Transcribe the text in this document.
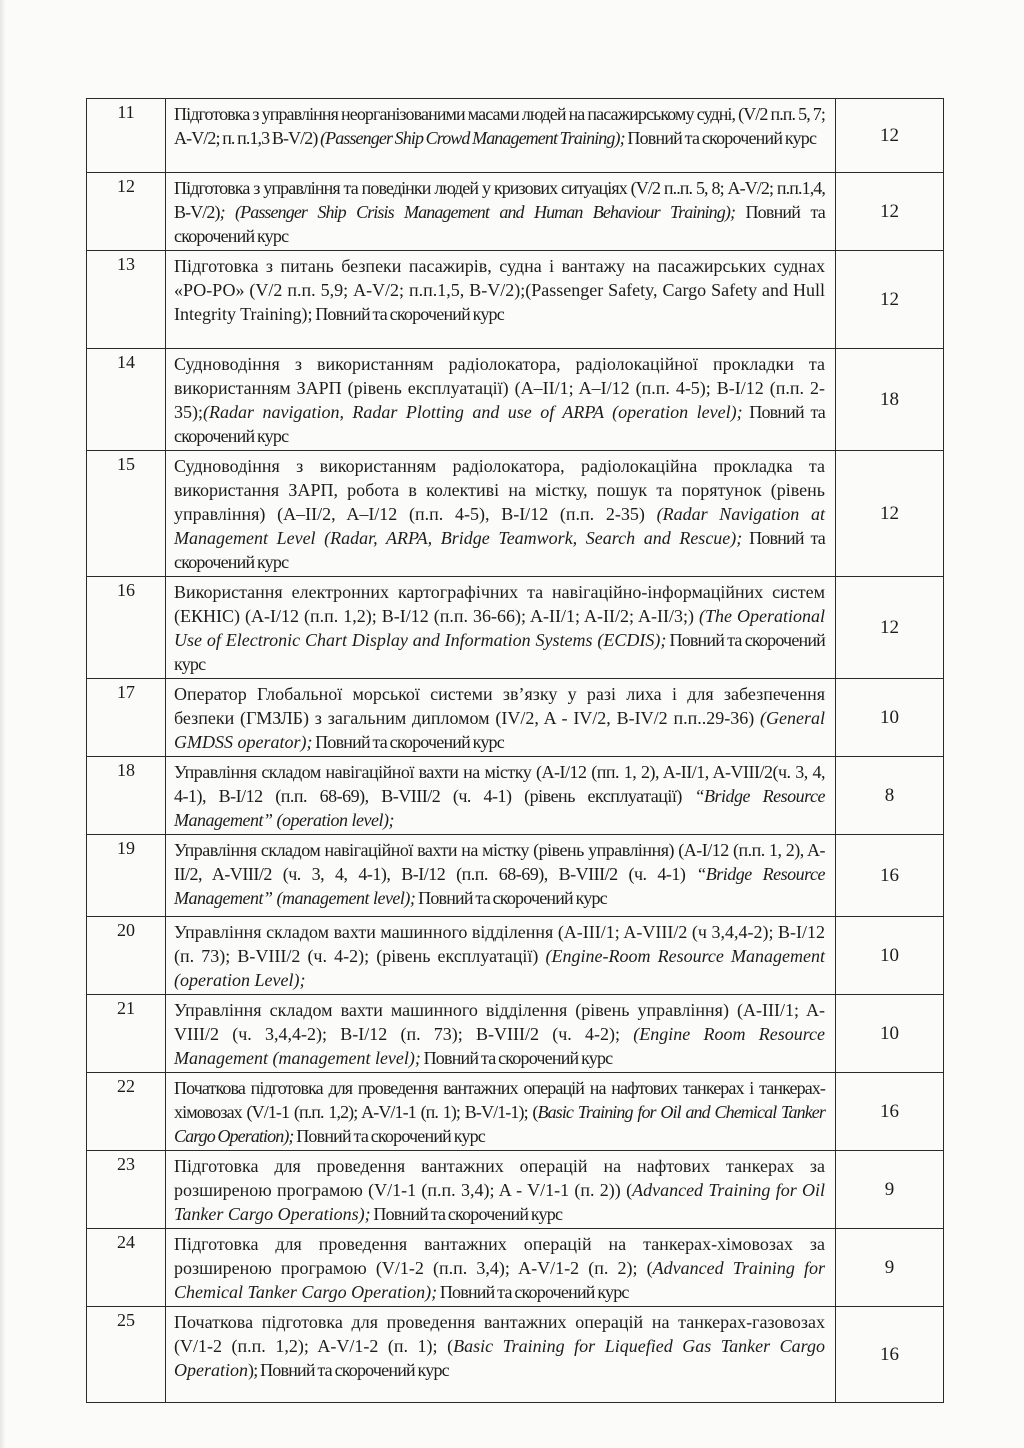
11	Підготовка з управління неорганізованими масами людей на пасажирському судні, (V/2 п.п. 5, 7; A-V/2; п. п.1,3 B-V/2) (Passenger Ship Crowd Management Training); Повний та скорочений курс	12
12	Підготовка з управління та поведінки людей у кризових ситуаціях (V/2 п..п. 5, 8; A-V/2; п.п.1,4, B-V/2); (Passenger Ship Crisis Management and Human Behaviour Training); Повний та скорочений курс	12
13	Підготовка з питань безпеки пасажирів, судна і вантажу на пасажирських суднах «РО-РО» (V/2 п.п. 5,9; A-V/2; п.п.1,5, B-V/2);(Passenger Safety, Cargo Safety and Hull Integrity Training); Повний та скорочений курс	12
14	Судноводіння з використанням радіолокатора, радіолокаційної прокладки та використанням ЗАРП (рівень експлуатації) (A–II/1; A–I/12 (п.п. 4-5); B-I/12 (п.п. 2-35);(Radar navigation, Radar Plotting and use of ARPA (operation level); Повний та скорочений курс	18
15	Судноводіння з використанням радіолокатора, радіолокаційна прокладка та використання ЗАРП, робота в колективі на містку, пошук та порятунок (рівень управління) (A–II/2, A–I/12 (п.п. 4-5), B-I/12 (п.п. 2-35) (Radar Navigation at Management Level (Radar, ARPA, Bridge Teamwork, Search and Rescue); Повний та скорочений курс	12
16	Використання електронних картографічних та навігаційно-інформаційних систем (ЕКНІС) (A-I/12 (п.п. 1,2); B-I/12 (п.п. 36-66); A-II/1; A-II/2; A-II/3;) (The Operational Use of Electronic Chart Display and Information Systems (ECDIS); Повний та скорочений курс	12
17	Оператор Глобальної морської системи зв’язку у разі лиха і для забезпечення безпеки (ГМЗЛБ) з загальним дипломом (IV/2, A - IV/2, B-IV/2 п.п..29-36) (General GMDSS operator); Повний та скорочений курс	10
18	Управління складом навігаційної вахти на містку (A-I/12 (пп. 1, 2), A-II/1, A-VIII/2(ч. 3, 4, 4-1), B-I/12 (п.п. 68-69), B-VIII/2 (ч. 4-1) (рівень експлуатації) “Bridge Resource Management” (operation level);	8
19	Управління складом навігаційної вахти на містку (рівень управління) (A-I/12 (п.п. 1, 2), A-II/2, A-VIII/2 (ч. 3, 4, 4-1), B-I/12 (п.п. 68-69), B-VIII/2 (ч. 4-1) “Bridge Resource Management” (management level); Повний та скорочений курс	16
20	Управління складом вахти машинного відділення (A-III/1; A-VIII/2 (ч 3,4,4-2); B-I/12 (п. 73); B-VIII/2 (ч. 4-2); (рівень експлуатації) (Engine-Room Resource Management (operation Level);	10
21	Управління складом вахти машинного відділення (рівень управління) (A-III/1; A-VIII/2 (ч. 3,4,4-2); B-I/12 (п. 73); B-VIII/2 (ч. 4-2); (Engine Room Resource Management (management level); Повний та скорочений курс	10
22	Початкова підготовка для проведення вантажних операцій на нафтових танкерах і танкерах-хімовозах (V/1-1 (п.п. 1,2); A-V/1-1 (п. 1); B-V/1-1); (Basic Training for Oil and Chemical Tanker Cargo Operation); Повний та скорочений курс	16
23	Підготовка для проведення вантажних операцій на нафтових танкерах за розширеною програмою (V/1-1 (п.п. 3,4); A - V/1-1 (п. 2)) (Advanced Training for Oil Tanker Cargo Operations); Повний та скорочений курс	9
24	Підготовка для проведення вантажних операцій на танкерах-хімовозах за розширеною програмою (V/1-2 (п.п. 3,4); A-V/1-2 (п. 2); (Advanced Training for Chemical Tanker Cargo Operation); Повний та скорочений курс	9
25	Початкова підготовка для проведення вантажних операцій на танкерах-газовозах (V/1-2 (п.п. 1,2); A-V/1-2 (п. 1); (Basic Training for Liquefied Gas Tanker Cargo Operation); Повний та скорочений курс	16
